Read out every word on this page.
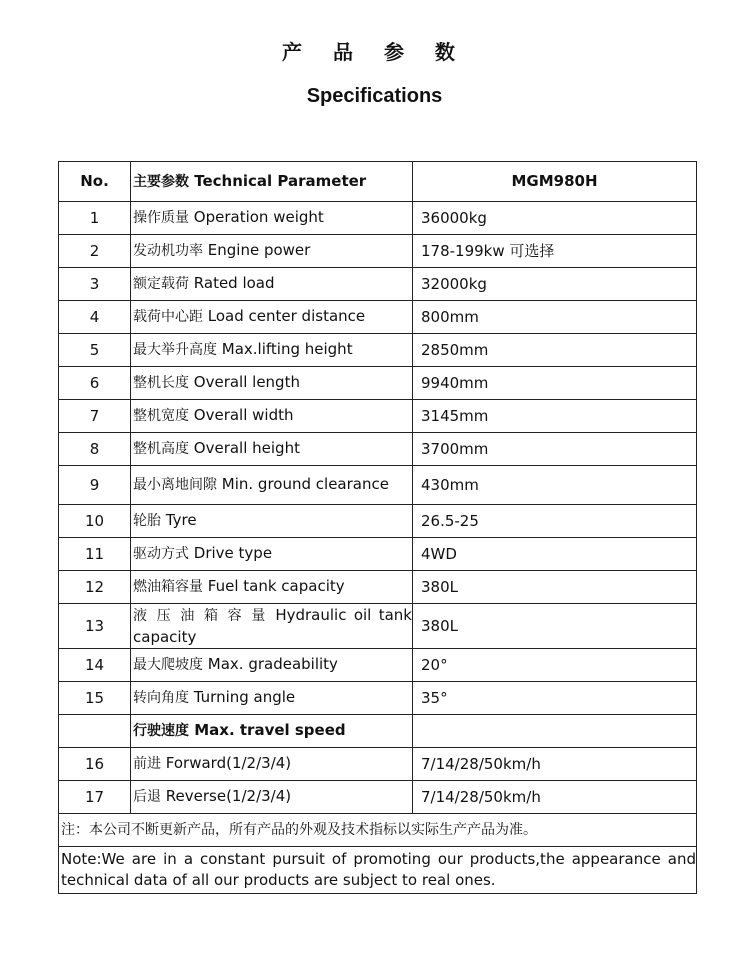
产 品 参 数
Specifications
No.	主要参数 Technical Parameter	MGM980H
1	操作质量 Operation weight	36000kg
2	发动机功率 Engine power	178-199kw 可选择
3	额定载荷 Rated load	32000kg
4	载荷中心距 Load center distance	800mm
5	最大举升高度 Max.lifting height	2850mm
6	整机长度 Overall length	9940mm
7	整机宽度 Overall width	3145mm
8	整机高度 Overall height	3700mm
9	最小离地间隙 Min. ground clearance	430mm
10	轮胎 Tyre	26.5-25
11	驱动方式 Drive type	4WD
12	燃油箱容量 Fuel tank capacity	380L
13	液 压 油 箱 容 量 Hydraulic oil tank capacity	380L
14	最大爬坡度 Max. gradeability	20°
15	转向角度 Turning angle	35°
	行驶速度 Max. travel speed	
16	前进 Forward(1/2/3/4)	7/14/28/50km/h
17	后退 Reverse(1/2/3/4)	7/14/28/50km/h
注：本公司不断更新产品，所有产品的外观及技术指标以实际生产产品为准。		
Note:We are in a constant pursuit of promoting our products,the appearance and technical data of all our products are subject to real ones.		
